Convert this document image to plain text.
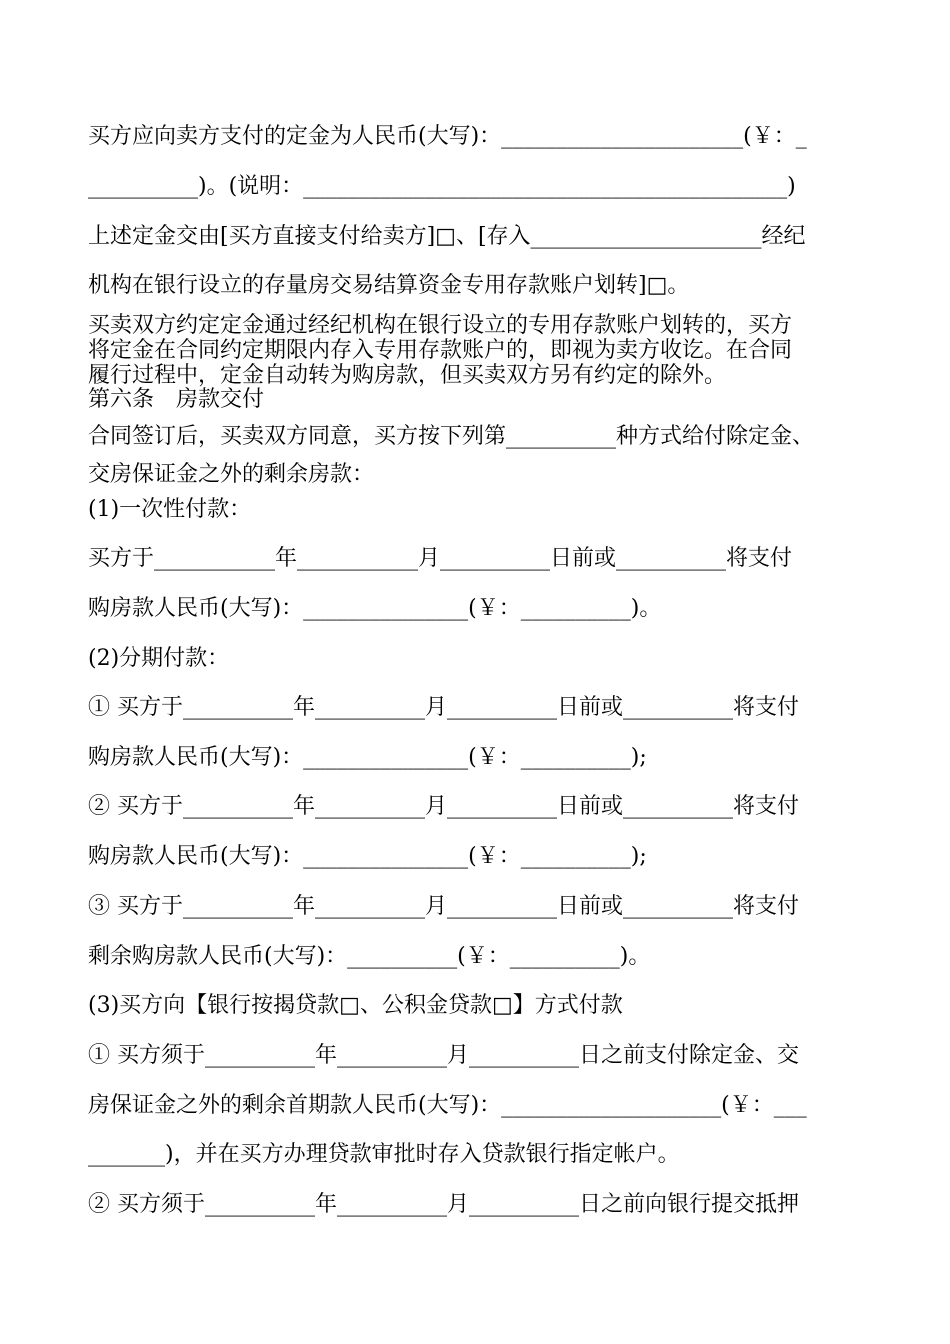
买方应向卖方支付的定金为人民币(大写)：______________________(￥：_
__________)。(说明：____________________________________________)
上述定金交由[买方直接支付给卖方]□、[存入_____________________经纪
机构在银行设立的存量房交易结算资金专用存款账户划转]□。
买卖双方约定定金通过经纪机构在银行设立的专用存款账户划转的，买方
将定金在合同约定期限内存入专用存款账户的，即视为卖方收讫。在合同
履行过程中，定金自动转为购房款，但买卖双方另有约定的除外。
第六条　房款交付
合同签订后，买卖双方同意，买方按下列第__________种方式给付除定金、
交房保证金之外的剩余房款：
(1)一次性付款：
买方于___________年___________月__________日前或__________将支付
购房款人民币(大写)：_______________(￥：__________)。
(2)分期付款：
① 买方于__________年__________月__________日前或__________将支付
购房款人民币(大写)：_______________(￥：__________);
② 买方于__________年__________月__________日前或__________将支付
购房款人民币(大写)：_______________(￥：__________);
③ 买方于__________年__________月__________日前或__________将支付
剩余购房款人民币(大写)：__________(￥：__________)。
(3)买方向【银行按揭贷款□、公积金贷款□】方式付款
① 买方须于__________年__________月__________日之前支付除定金、交
房保证金之外的剩余首期款人民币(大写)：____________________(￥：___
_______)，并在买方办理贷款审批时存入贷款银行指定帐户。
② 买方须于__________年__________月__________日之前向银行提交抵押
